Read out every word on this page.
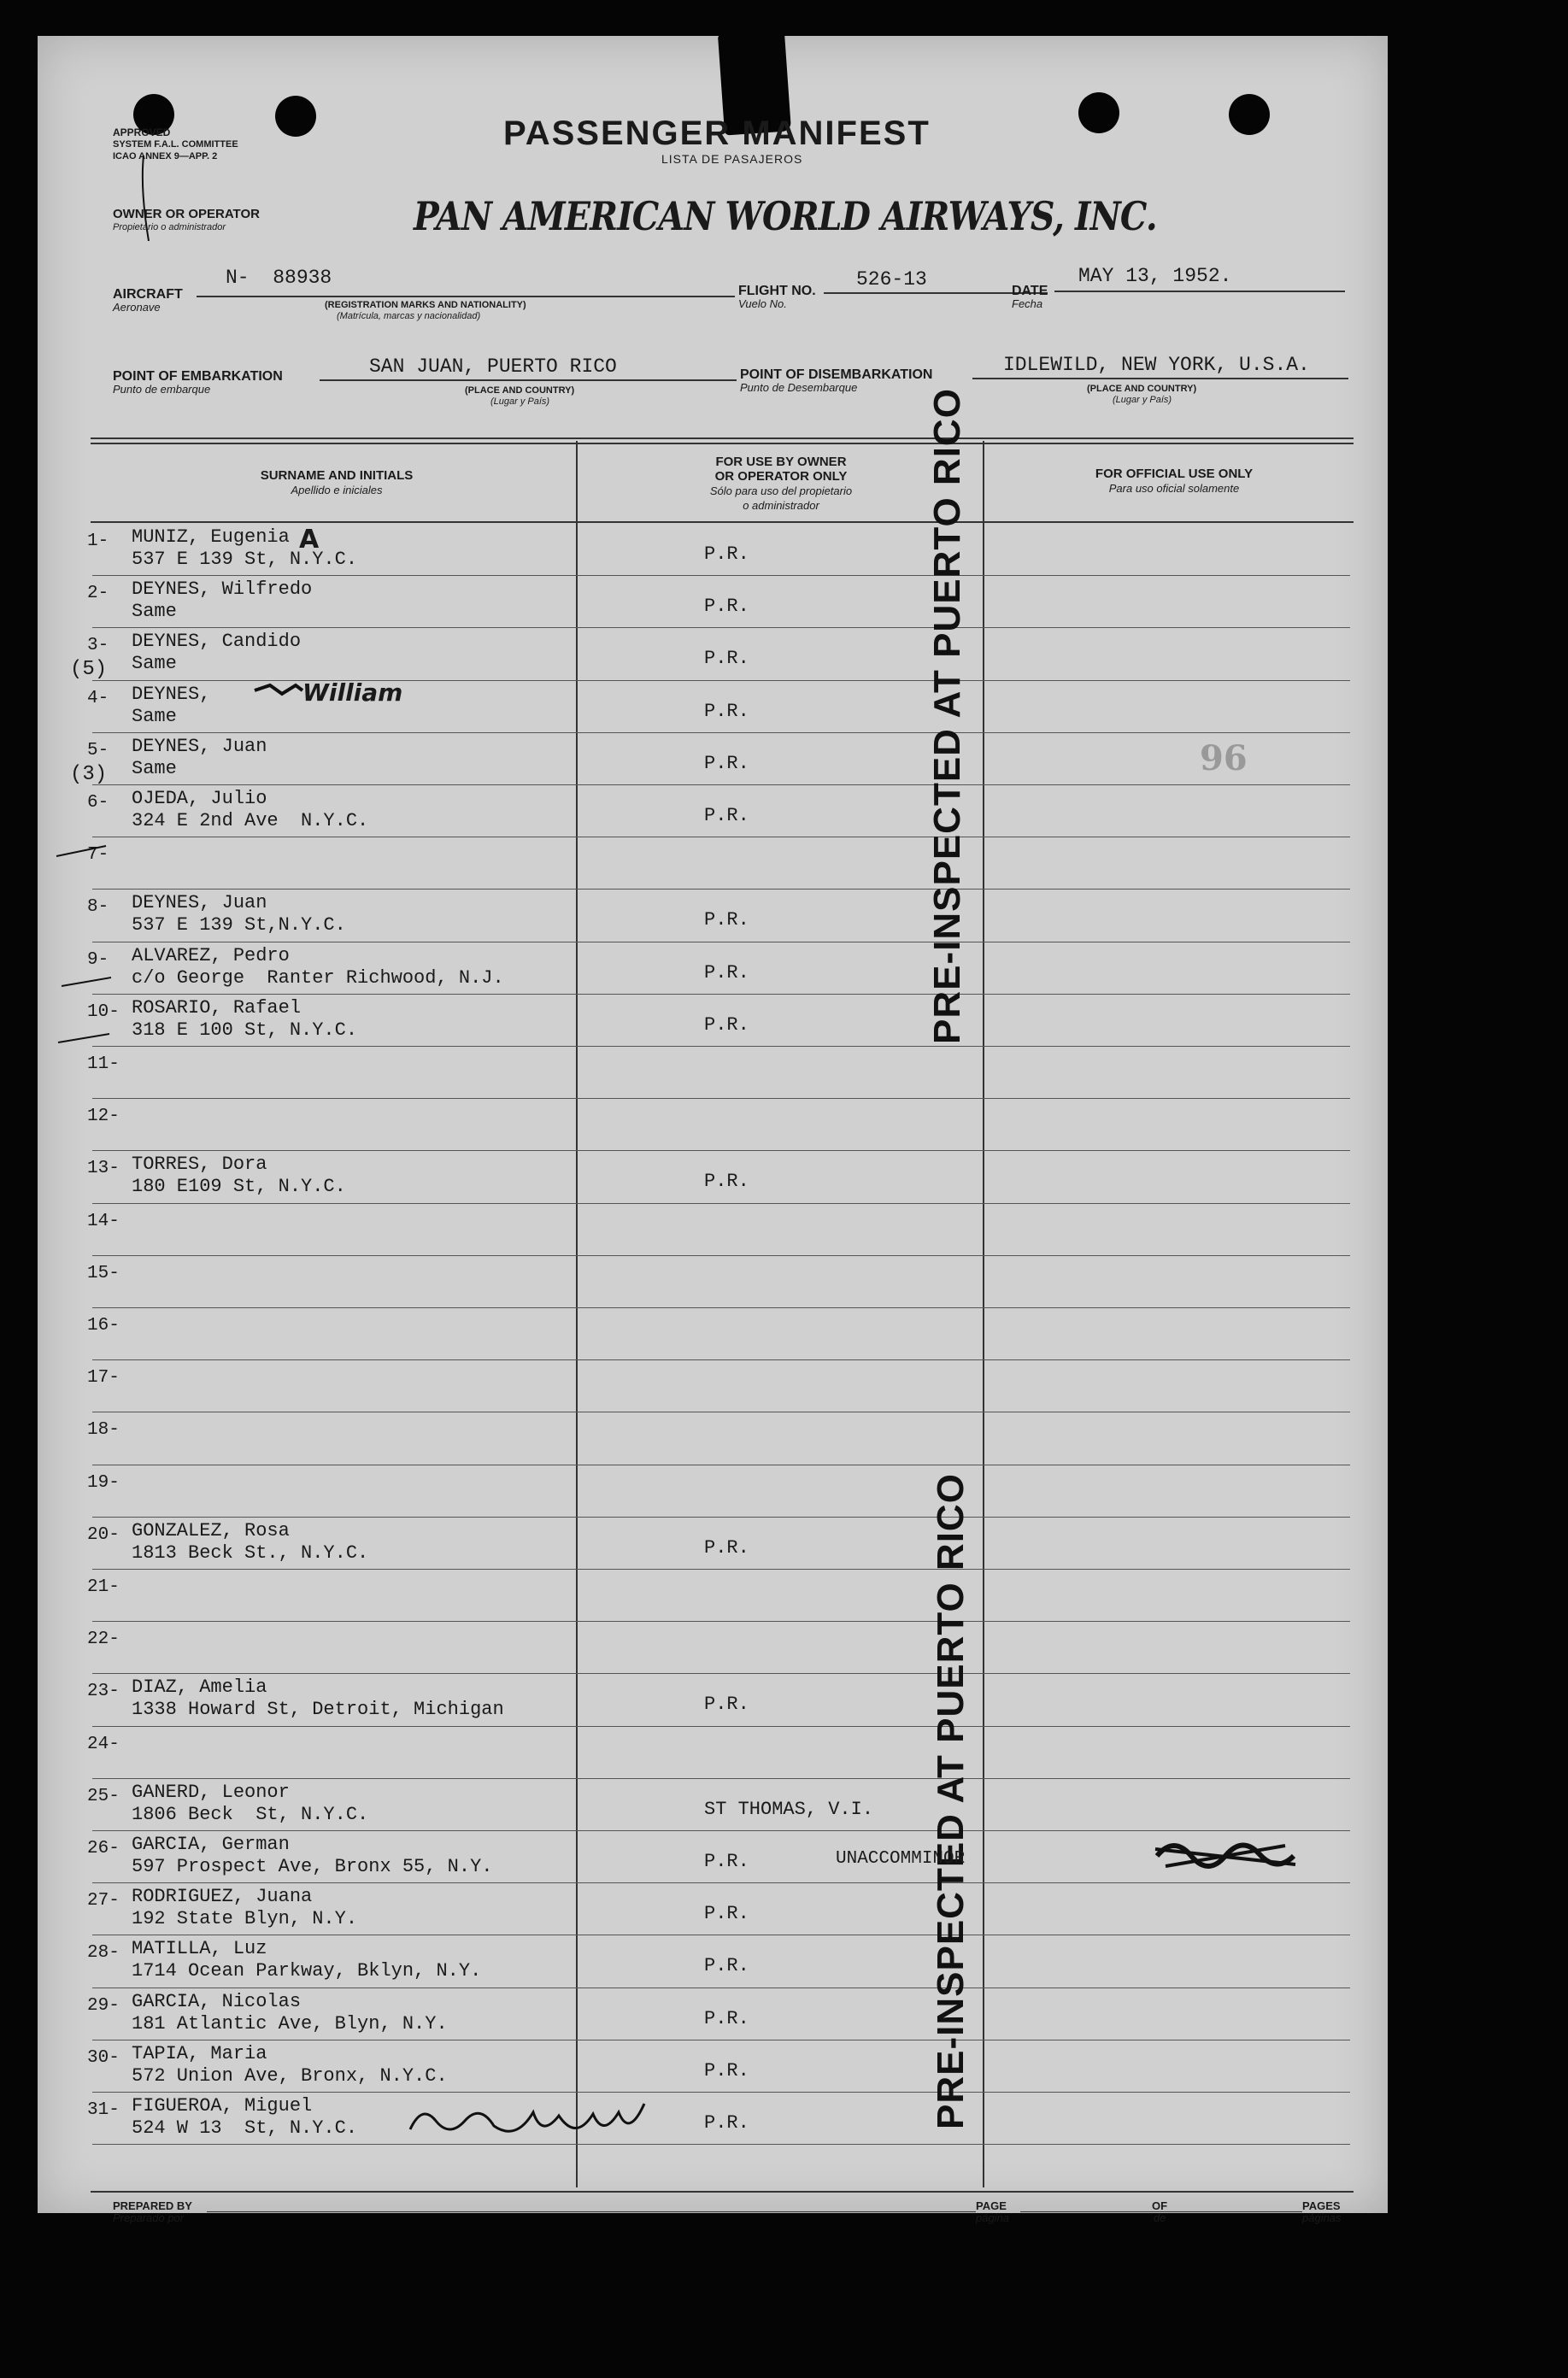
APPROVED
SYSTEM F.A.L. COMMITTEE
ICAO ANNEX 9—APP. 2
OWNER OR OPERATOR
Propietario o administrador
PASSENGER MANIFEST
LISTA DE PASAJEROS
PAN AMERICAN WORLD AIRWAYS, INC.
AIRCRAFT
Aeronave
N-  88938
(REGISTRATION MARKS AND NATIONALITY)
(Matrícula, marcas y nacionalidad)
FLIGHT NO.
Vuelo No.
526-13
DATE
Fecha
MAY 13, 1952.
POINT OF EMBARKATION
Punto de embarque
SAN JUAN, PUERTO RICO
(PLACE AND COUNTRY)
(Lugar y País)
POINT OF DISEMBARKATION
Punto de Desembarque
IDLEWILD, NEW YORK, U.S.A.
(PLACE AND COUNTRY)
(Lugar y País)
SURNAME AND INITIALS
Apellido e iniciales
FOR USE BY OWNER
OR OPERATOR ONLY
Sólo para uso del propietario
o administrador
FOR OFFICIAL USE ONLY
Para uso oficial solamente
1- MUNIZ, Eugenia
537 E 139 St, N.Y.C.	P.R.
2- DEYNES, Wilfredo
Same	P.R.
3- DEYNES, Candido
Same	P.R.
(5)
4- DEYNES,
Same	P.R.
5- DEYNES, Juan
Same	P.R.
(3)
6- OJEDA, Julio
324 E 2nd Ave  N.Y.C.	P.R.
7-
8- DEYNES, Juan
537 E 139 St,N.Y.C.	P.R.
9- ALVAREZ, Pedro
c/o George  Ranter Richwood, N.J.	P.R.
10- ROSARIO, Rafael
318 E 100 St, N.Y.C.	P.R.
11-
12-
13- TORRES, Dora
180 E109 St, N.Y.C.	P.R.
14-
15-
16-
17-
18-
19-
20- GONZALEZ, Rosa
1813 Beck St., N.Y.C.	P.R.
21-
22-
23- DIAZ, Amelia
1338 Howard St, Detroit, Michigan	P.R.
24-
25- GANERD, Leonor
1806 Beck  St, N.Y.C.	ST THOMAS, V.I.
26- GARCIA, German
597 Prospect Ave, Bronx 55, N.Y.	P.R.
27- RODRIGUEZ, Juana
192 State Blyn, N.Y.	P.R.
28- MATILLA, Luz
1714 Ocean Parkway, Bklyn, N.Y.	P.R.
29- GARCIA, Nicolas
181 Atlantic Ave, Blyn, N.Y.	P.R.
30- TAPIA, Maria
572 Union Ave, Bronx, N.Y.C.	P.R.
31- FIGUEROA, Miguel
524 W 13  St, N.Y.C.	P.R.
PRE-INSPECTED AT PUERTO RICO
PRE-INSPECTED AT PUERTO RICO
A
William
UNACCOMMINOR
96
PREPARED BY
Preparado por
PAGE
página
OF
de
PAGES
páginas
